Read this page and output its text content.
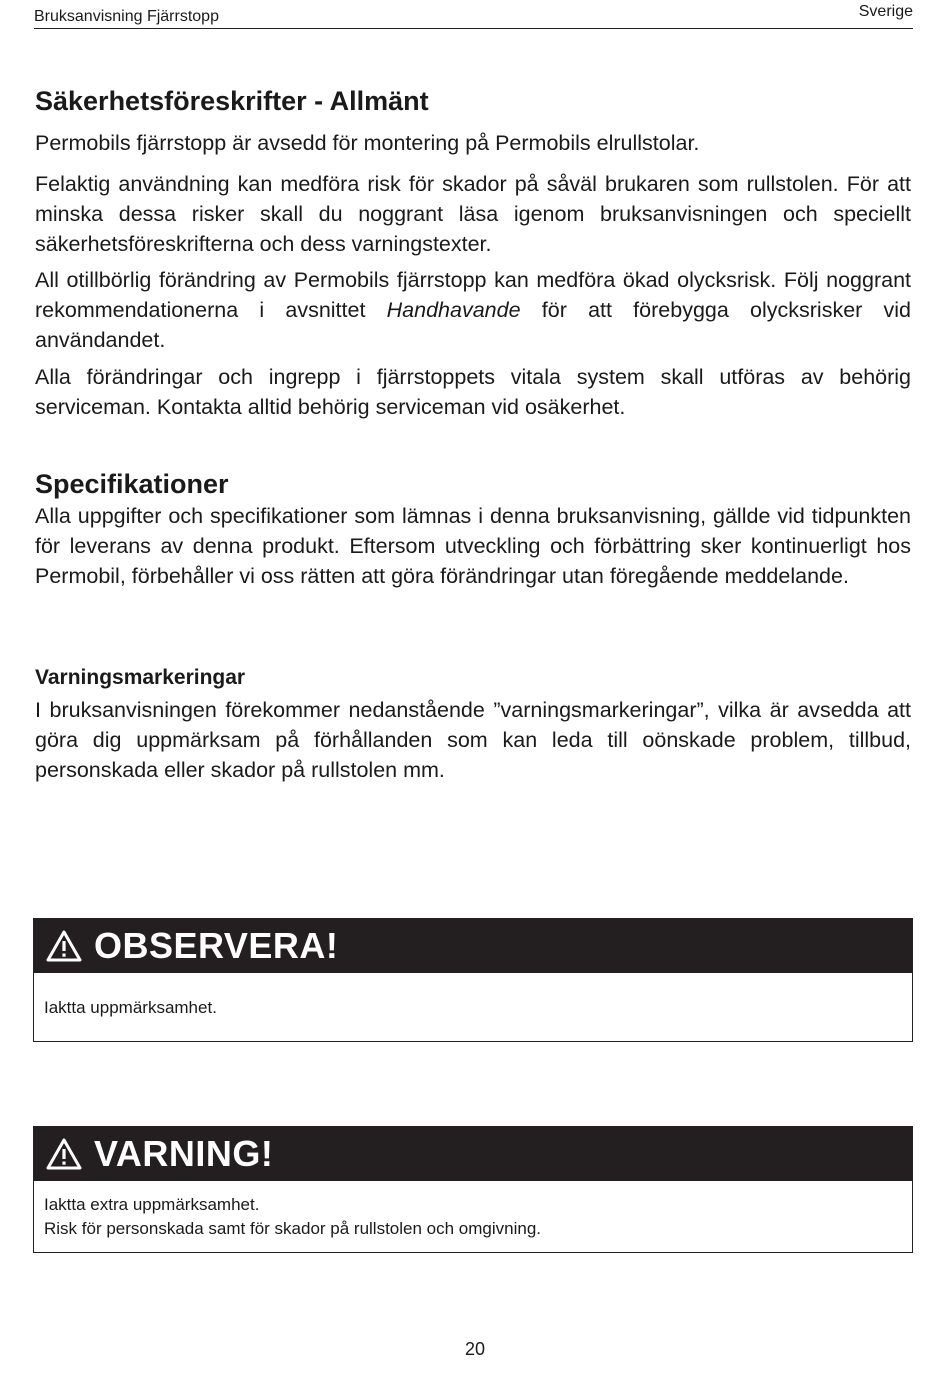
Bruksanvisning Fjärrstopp	Sverige
Säkerhetsföreskrifter - Allmänt

Permobils fjärrstopp är avsedd för montering på Permobils elrullstolar.

Felaktig användning kan medföra risk för skador på såväl brukaren som rullstolen. För att minska dessa risker skall du noggrant läsa igenom bruksanvisningen och speciellt säkerhetsföreskrifterna och dess varningstexter.

All otillbörlig förändring av Permobils fjärrstopp kan medföra ökad olycksrisk. Följ noggrant rekommendationerna i avsnittet Handhavande för att förebygga olycksrisker vid användandet.

Alla förändringar och ingrepp i fjärrstoppets vitala system skall utföras av behörig serviceman. Kontakta alltid behörig serviceman vid osäkerhet.

Specifikationer

Alla uppgifter och specifikationer som lämnas i denna bruksanvisning, gällde vid tidpunkten för leverans av denna produkt. Eftersom utveckling och förbättring sker kontinuerligt hos Permobil, förbehåller vi oss rätten att göra förändringar utan föregående meddelande.

Varningsmarkeringar

I bruksanvisningen förekommer nedanstående ”varningsmarkeringar”, vilka är avsedda att göra dig uppmärksam på förhållanden som kan leda till oönskade problem, tillbud, personskada eller skador på rullstolen mm.

OBSERVERA!
Iaktta uppmärksamhet.
VARNING!
Iaktta extra uppmärksamhet.
Risk för personskada samt för skador på rullstolen och omgivning.
20
